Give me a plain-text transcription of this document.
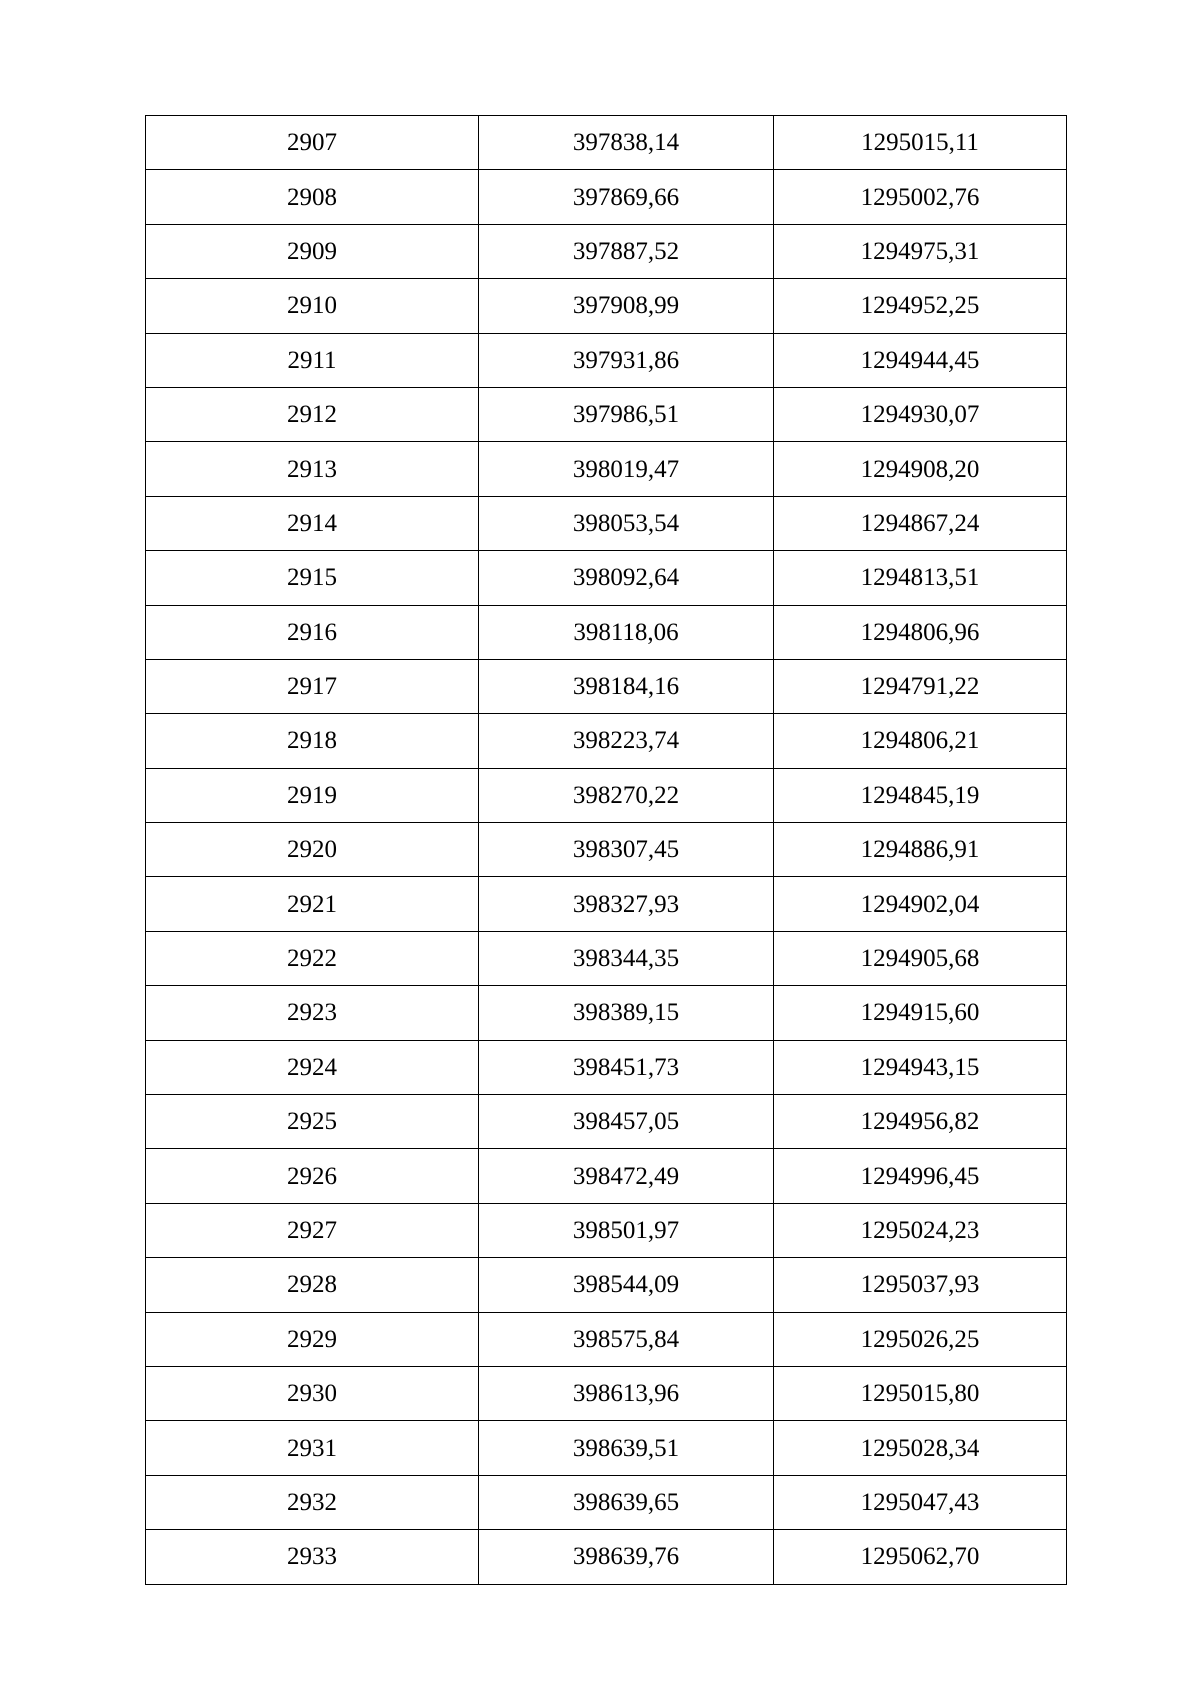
2907	397838,14	1295015,11
2908	397869,66	1295002,76
2909	397887,52	1294975,31
2910	397908,99	1294952,25
2911	397931,86	1294944,45
2912	397986,51	1294930,07
2913	398019,47	1294908,20
2914	398053,54	1294867,24
2915	398092,64	1294813,51
2916	398118,06	1294806,96
2917	398184,16	1294791,22
2918	398223,74	1294806,21
2919	398270,22	1294845,19
2920	398307,45	1294886,91
2921	398327,93	1294902,04
2922	398344,35	1294905,68
2923	398389,15	1294915,60
2924	398451,73	1294943,15
2925	398457,05	1294956,82
2926	398472,49	1294996,45
2927	398501,97	1295024,23
2928	398544,09	1295037,93
2929	398575,84	1295026,25
2930	398613,96	1295015,80
2931	398639,51	1295028,34
2932	398639,65	1295047,43
2933	398639,76	1295062,70
